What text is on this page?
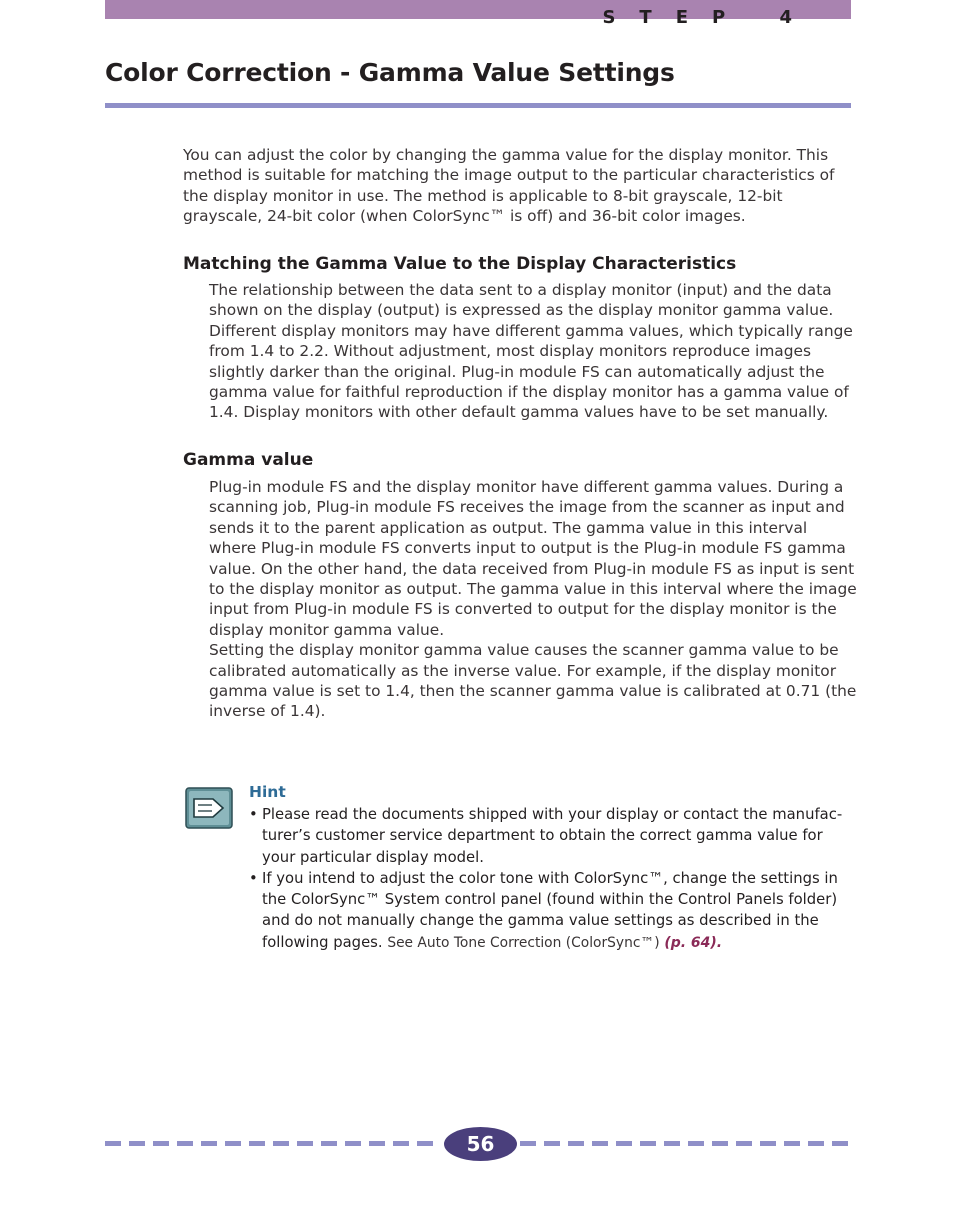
STEP 4
Color Correction - Gamma Value Settings

You can adjust the color by changing the gamma value for the display monitor. This method is suitable for matching the image output to the particular characteristics of the display monitor in use. The method is applicable to 8-bit grayscale, 12-bit grayscale, 24-bit color (when ColorSync™ is off) and 36-bit color images.

Matching the Gamma Value to the Display Characteristics

The relationship between the data sent to a display monitor (input) and the data shown on the display (output) is expressed as the display monitor gamma value. Different display monitors may have different gamma values, which typically range from 1.4 to 2.2. Without adjustment, most display monitors reproduce images slightly darker than the original. Plug-in module FS can automatically adjust the gamma value for faithful reproduction if the display monitor has a gamma value of 1.4. Display monitors with other default gamma values have to be set manually.

Gamma value

Plug-in module FS and the display monitor have different gamma values. During a scanning job, Plug-in module FS receives the image from the scanner as input and sends it to the parent application as output. The gamma value in this interval where Plug-in module FS converts input to output is the Plug-in module FS gamma value. On the other hand, the data received from Plug-in module FS as input is sent to the display monitor as output. The gamma value in this interval where the image input from Plug-in module FS is converted to output for the display monitor is the display monitor gamma value.

Setting the display monitor gamma value causes the scanner gamma value to be calibrated automatically as the inverse value. For example, if the display monitor gamma value is set to 1.4, then the scanner gamma value is calibrated at 0.71 (the inverse of 1.4).

Hint
• Please read the documents shipped with your display or contact the manufac-turer’s customer service department to obtain the correct gamma value for your particular display model.
• If you intend to adjust the color tone with ColorSync™, change the settings in the ColorSync™ System control panel (found within the Control Panels folder) and do not manually change the gamma value settings as described in the following pages. See Auto Tone Correction (ColorSync™) (p. 64).
56
